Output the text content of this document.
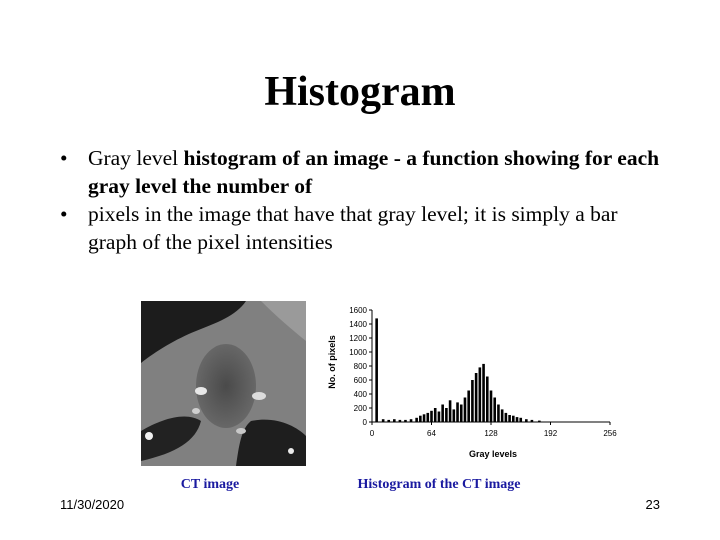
Histogram
• Gray level histogram of an image - a function showing for each gray level the number of
• pixels in the image that have that gray level; it is simply a bar graph of the pixel intensities
0
200
400
600
800
1000
1200
1400
1600
0	64	128	192	256
No. of pixels
Gray levels
CT image	Histogram of the CT image
11/30/2020	23
